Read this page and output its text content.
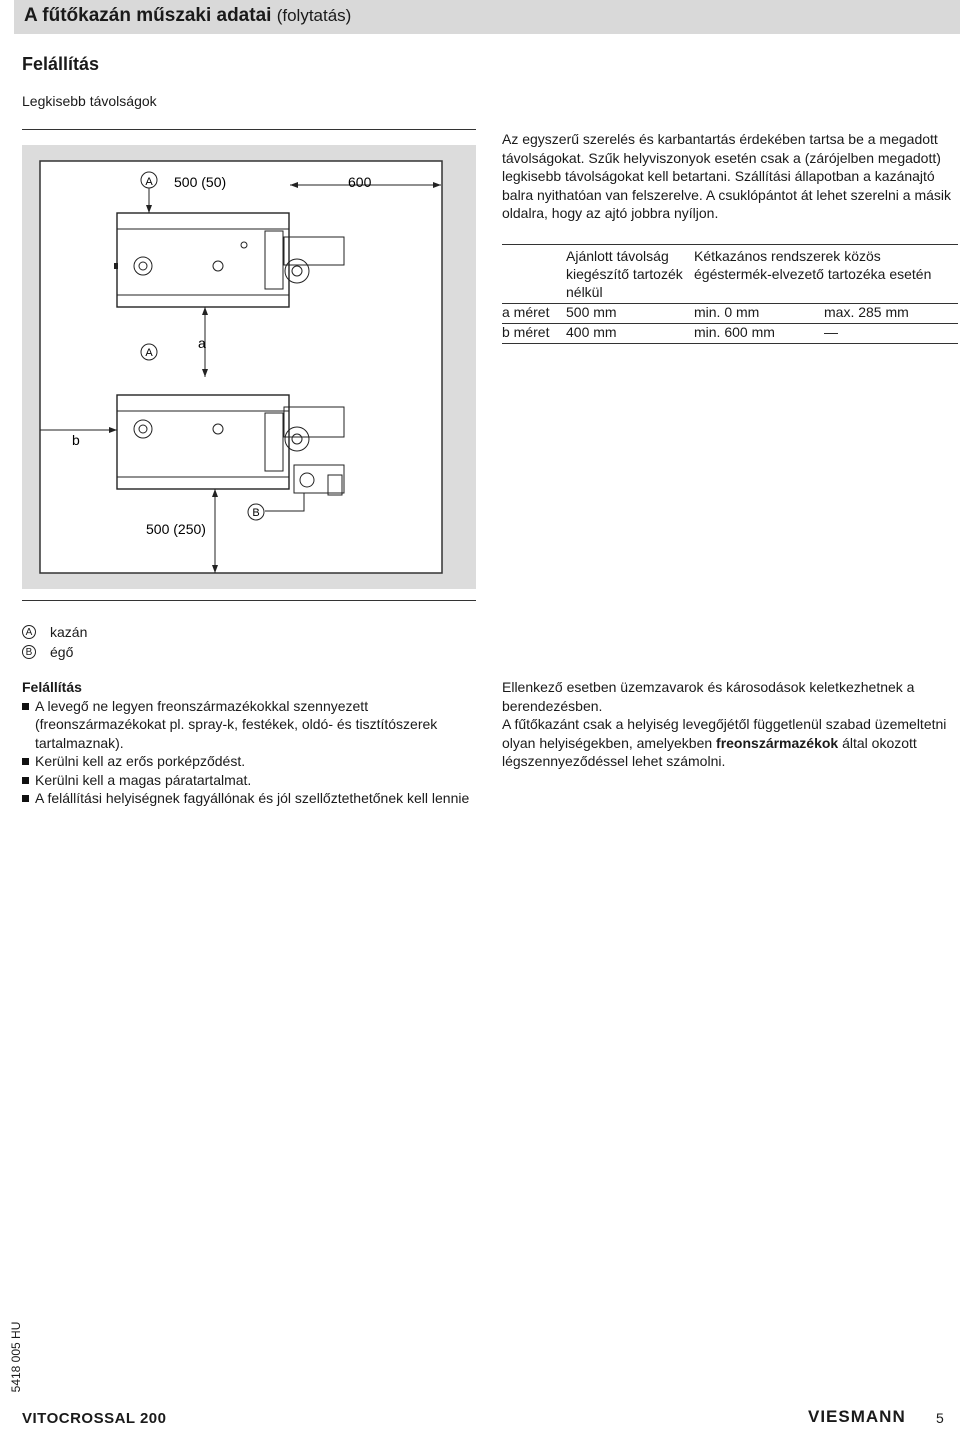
A fűtőkazán műszaki adatai (folytatás)
Felállítás
Legkisebb távolságok
A 500 (50)	600
A
a
b
500 (250)
B
Az egyszerű szerelés és karbantartás érdekében tartsa be a megadott távolságokat. Szűk helyviszonyok esetén csak a (zárójelben megadott) legkisebb távolságokat kell betartani. Szállítási állapotban a kazánajtó balra nyithatóan van felszerelve. A csuklópántot át lehet szerelni a másik oldalra, hogy az ajtó jobbra nyíljon.
	Ajánlott távolság kiegészítő tartozék nélkül	Kétkazános rendszerek közös égéstermék-elvezető tartozéka esetén	
a méret	500 mm	min. 0 mm	max. 285 mm
b méret	400 mm	min. 600 mm	—
A kazán
B égő
Felállítás
A levegő ne legyen freonszármazékokkal szennyezett (freonszármazékokat pl. spray-k, festékek, oldó- és tisztítószerek tartalmaznak).
Kerülni kell az erős porképződést.
Kerülni kell a magas páratartalmat.
A felállítási helyiségnek fagyállónak és jól szellőztethetőnek kell lennie
Ellenkező esetben üzemzavarok és károsodások keletkezhetnek a berendezésben.
A fűtőkazánt csak a helyiség levegőjétől függetlenül szabad üzemeltetni olyan helyiségekben, amelyekben freonszármazékok által okozott légszennyeződéssel lehet számolni.
5418 005 HU
VITOCROSSAL 200	VIESMANN 5
